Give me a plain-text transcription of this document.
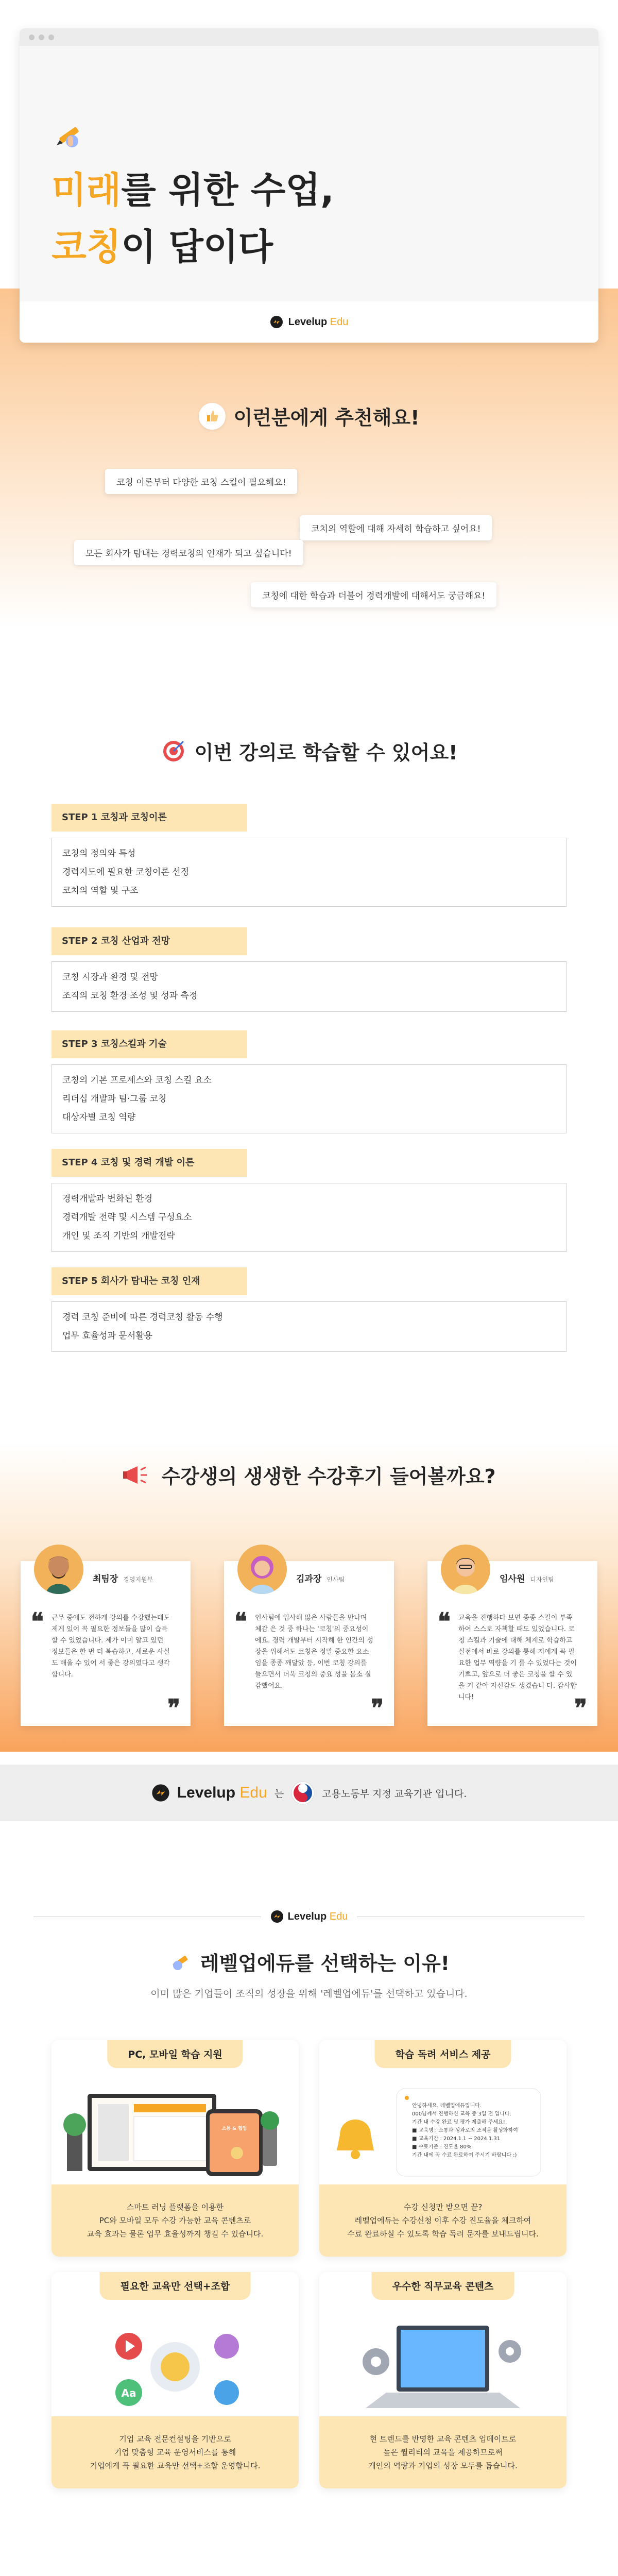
미래를 위한 수업,
코칭이 답이다
Levelup Edu
이런분에게 추천해요!
코칭 이론부터 다양한 코칭 스킬이 필요해요!
코치의 역할에 대해 자세히 학습하고 싶어요!
모든 회사가 탐내는 경력코칭의 인재가 되고 싶습니다!
코칭에 대한 학습과 더불어 경력개발에 대해서도 궁금해요!
이번 강의로 학습할 수 있어요!
STEP 1 코칭과 코칭이론
코칭의 정의와 특성
경력지도에 필요한 코칭이론 선정
코치의 역할 및 구조
STEP 2 코칭 산업과 전망
코칭 시장과 환경 및 전망
조직의 코칭 환경 조성 및 성과 측정
STEP 3 코칭스킬과 기술
코칭의 기본 프로세스와 코칭 스킬 요소
리더십 개발과 팀·그룹 코칭
대상자별 코칭 역량
STEP 4 코칭 및 경력 개발 이론
경력개발과 변화된 환경
경력개발 전략 및 시스템 구성요소
개인 및 조직 기반의 개발전략
STEP 5 회사가 탐내는 코칭 인재
경력 코칭 준비에 따른 경력코칭 활동 수행
업무 효율성과 문서활용
수강생의 생생한 수강후기 들어볼까요?
최팀장 경영지원부
❝ 근무 중에도 전하게 강의를 수강했는데도 제게 있어 꼭 필요한 정보들을 많이 습득할 수 있었습니다. 제가 이미 알고 있던 정보들은 한 번 더 복습하고, 새로운 사실도 배울 수 있어 서 좋은 강의였다고 생각합니다.
❞
김과장 인사팀
❝ 인사팀에 입사해 많은 사람들을 만나며 체감 은 것 중 하나는 '코칭'의 중요성이에요. 경력 개발부터 시작해 한 인간의 성장을 위해서도 코칭은 정말 중요한 요소임을 종종 깨달았 등, 이번 코칭 강의를 들으면서 더욱 코칭의 중요 성을 몸소 실감했어요.
❞
임사원 디자인팀
❝ 교육을 진행하다 보면 종종 스킬이 부족하여 스스로 자책할 때도 있었습니다. 코칭 스킬과 기술에 대해 체계로 학습하고 실전에서 바로 강의를 통해 저에게 꼭 필요한 업무 역량을 기 를 수 있었다는 것이 기쁘고, 앞으로 더 좋은 코칭을 할 수 있을 거 같아 자신감도 생겼습니 다. 감사합니다!	❞
Levelup Edu 는	고용노동부 지정 교육기관 입니다.
Levelup Edu
레벨업에듀를 선택하는 이유!
이미 많은 기업들이 조직의 성장을 위해 '레벨업에듀'를 선택하고 있습니다.
PC, 모바일 학습 지원
소통 & 협업
스마트 러닝 플랫폼을 이용한
PC와 모바일 모두 수강 가능한 교육 콘텐츠로
교육 효과는 물론 업무 효율성까지 챙길 수 있습니다.
학습 독려 서비스 제공
안녕하세요. 레벨업에듀입니다.
000님께서 진행하신 교육 중 3일 전 입니다.
기간 내 수강 완료 및 평가 제출해 주세요!
■ 교육명 : 소통과 성과로의 조직을 활성화하여
■ 교육기간 : 2024.1.1 ~ 2024.1.31
■ 수료기준 : 진도율 80%
기간 내에 꼭 수료 완료하여 주시기 바랍니다 :)
수강 신청만 받으면 끝?
레벨업에듀는 수강신청 이후 수강 진도율을 체크하여
수료 완료하실 수 있도록 학습 독려 문자를 보내드립니다.
필요한 교육만 선택+조합
Aa
기업 교육 전문컨설팅을 기반으로
기업 맞춤형 교육 운영서비스를 통해
기업에게 꼭 필요한 교육만 선택+조합 운영합니다.
우수한 직무교육 콘텐츠
현 트렌드를 반영한 교육 콘텐츠 업데이트로
높은 퀄리티의 교육을 제공하므로써
개인의 역량과 기업의 성장 모두를 돕습니다.
